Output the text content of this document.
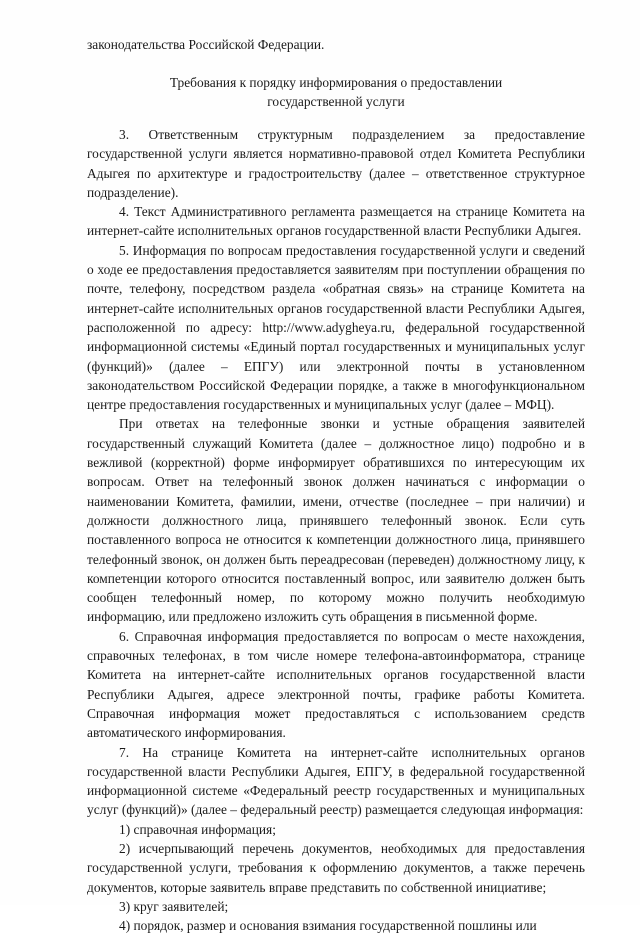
законодательства Российской Федерации.
Требования к порядку информирования о предоставлении
государственной услуги

3. Ответственным структурным подразделением за предоставление государственной услуги является нормативно-правовой отдел Комитета Республики Адыгея по архитектуре и градостроительству (далее – ответственное структурное подразделение).

4. Текст Административного регламента размещается на странице Комитета на интернет-сайте исполнительных органов государственной власти Республики Адыгея.

5. Информация по вопросам предоставления государственной услуги и сведений о ходе ее предоставления предоставляется заявителям при поступлении обращения по почте, телефону, посредством раздела «обратная связь» на странице Комитета на интернет-сайте исполнительных органов государственной власти Республики Адыгея, расположенной по адресу: http://www.adygheya.ru, федеральной государственной информационной системы «Единый портал государственных и муниципальных услуг (функций)» (далее – ЕПГУ) или электронной почты в установленном законодательством Российской Федерации порядке, а также в многофункциональном центре предоставления государственных и муниципальных услуг (далее – МФЦ).

При ответах на телефонные звонки и устные обращения заявителей государственный служащий Комитета (далее – должностное лицо) подробно и в вежливой (корректной) форме информирует обратившихся по интересующим их вопросам. Ответ на телефонный звонок должен начинаться с информации о наименовании Комитета, фамилии, имени, отчестве (последнее – при наличии) и должности должностного лица, принявшего телефонный звонок. Если суть поставленного вопроса не относится к компетенции должностного лица, принявшего телефонный звонок, он должен быть переадресован (переведен) должностному лицу, к компетенции которого относится поставленный вопрос, или заявителю должен быть сообщен телефонный номер, по которому можно получить необходимую информацию, или предложено изложить суть обращения в письменной форме.

6. Справочная информация предоставляется по вопросам о месте нахождения, справочных телефонах, в том числе номере телефона-автоинформатора, странице Комитета на интернет-сайте исполнительных органов государственной власти Республики Адыгея, адресе электронной почты, графике работы Комитета. Справочная информация может предоставляться с использованием средств автоматического информирования.

7. На странице Комитета на интернет-сайте исполнительных органов государственной власти Республики Адыгея, ЕПГУ, в федеральной государственной информационной системе «Федеральный реестр государственных и муниципальных услуг (функций)» (далее – федеральный реестр) размещается следующая информация:

1) справочная информация;

2) исчерпывающий перечень документов, необходимых для предоставления государственной услуги, требования к оформлению документов, а также перечень документов, которые заявитель вправе представить по собственной инициативе;

3) круг заявителей;

4) порядок, размер и основания взимания государственной пошлины или
